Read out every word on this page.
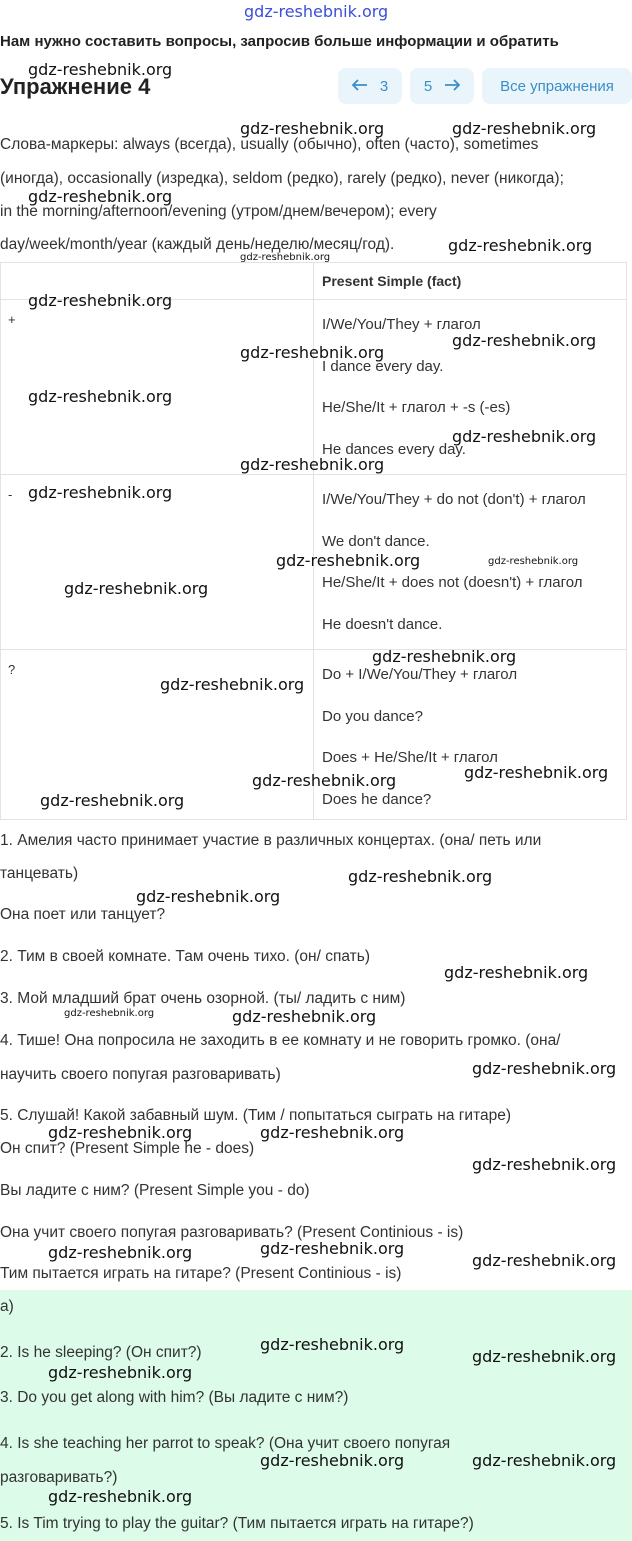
gdz-reshebnik.org
Нам нужно составить вопросы, запросив больше информации и обратить
Упражнение 4	3 5	Все упражнения
Слова-маркеры: always (всегда), usually (обычно), often (часто), sometimes
(иногда), occasionally (изредка), seldom (редко), rarely (редко), never (никогда);
in the morning/afternoon/evening (утром/днем/вечером); every
day/week/month/year (каждый день/неделю/месяц/год).

	Present Simple (fact)

+	I/We/You/They + глагол
I dance every day.
He/She/It + глагол + -s (-es)
He dances every day.

-	I/We/You/They + do not (don't) + глагол
We don't dance.
He/She/It + does not (doesn't) + глагол
He doesn't dance.

?	Do + I/We/You/They + глагол
Do you dance?
Does + He/She/It + глагол
Does he dance?
1. Амелия часто принимает участие в различных концертах. (она/ петь или
танцевать)
Она поет или танцует?
2. Тим в своей комнате. Там очень тихо. (он/ спать)
3. Мой младший брат очень озорной. (ты/ ладить с ним)
4. Тише! Она попросила не заходить в ее комнату и не говорить громко. (она/
научить своего попугая разговаривать)
5. Слушай! Какой забавный шум. (Тим / попытаться сыграть на гитаре)
Он спит? (Present Simple he - does)
Вы ладите с ним? (Present Simple you - do)
Она учит своего попугая разговаривать? (Present Continious - is)
Тим пытается играть на гитаре? (Present Continious - is)
а)
2. Is he sleeping? (Он спит?)
3. Do you get along with him? (Вы ладите с ним?)
4. Is she teaching her parrot to speak? (Она учит своего попугая
разговаривать?)
5. Is Tim trying to play the guitar? (Тим пытается играть на гитаре?)
gdz-reshebnik.org
gdz-reshebnik.org	gdz-reshebnik.org
gdz-reshebnik.org
gdz-reshebnik.org
gdz-reshebnik.org
gdz-reshebnik.org
gdz-reshebnik.org
gdz-reshebnik.org
gdz-reshebnik.org
gdz-reshebnik.org
gdz-reshebnik.org
gdz-reshebnik.org
gdz-reshebnik.org	gdz-reshebnik.org
gdz-reshebnik.org
gdz-reshebnik.org
gdz-reshebnik.org
gdz-reshebnik.org
gdz-reshebnik.org
gdz-reshebnik.org
gdz-reshebnik.org
gdz-reshebnik.org
gdz-reshebnik.org
gdz-reshebnik.org	gdz-reshebnik.org
gdz-reshebnik.org
gdz-reshebnik.org	gdz-reshebnik.org
gdz-reshebnik.org
gdz-reshebnik.org
gdz-reshebnik.org	gdz-reshebnik.org
gdz-reshebnik.org
gdz-reshebnik.org
gdz-reshebnik.org
gdz-reshebnik.org	gdz-reshebnik.org
gdz-reshebnik.org
